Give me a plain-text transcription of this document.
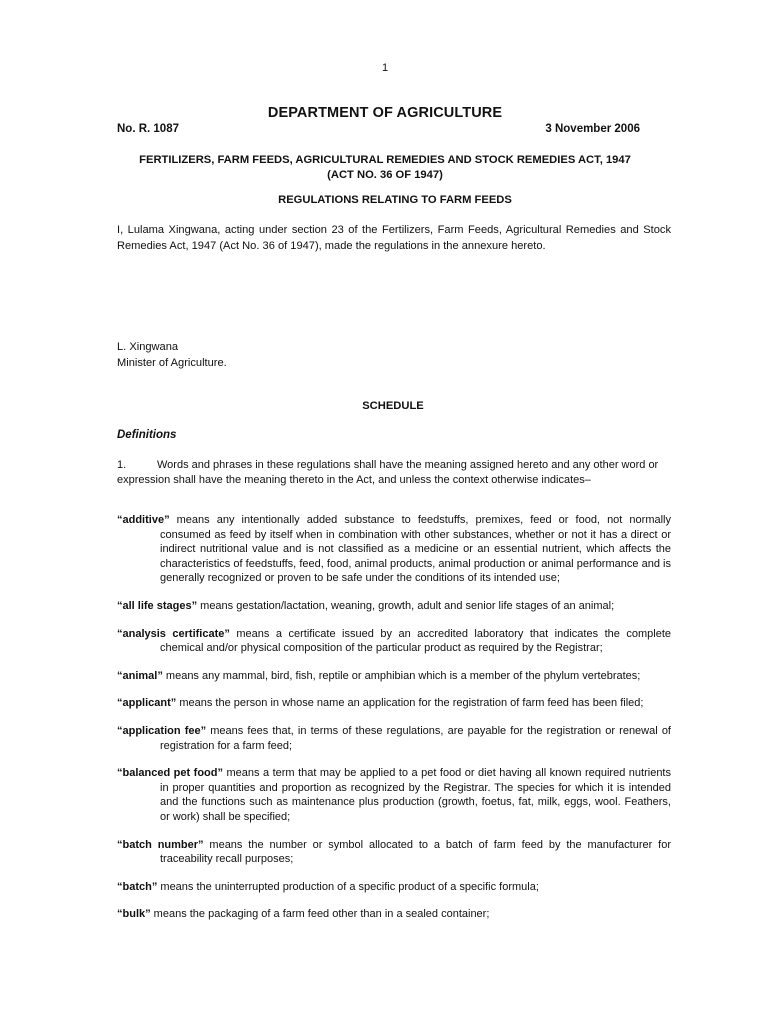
1
DEPARTMENT OF AGRICULTURE
No. R. 1087	3 November 2006
FERTILIZERS, FARM FEEDS, AGRICULTURAL REMEDIES AND STOCK REMEDIES ACT, 1947
(ACT NO. 36 OF 1947)
REGULATIONS RELATING TO FARM FEEDS
I, Lulama Xingwana, acting under section 23 of the Fertilizers, Farm Feeds, Agricultural Remedies and Stock Remedies Act, 1947 (Act No. 36 of 1947), made the regulations in the annexure hereto.
L. Xingwana
Minister of Agriculture.
SCHEDULE
Definitions
1.	Words and phrases in these regulations shall have the meaning assigned hereto and any other word or expression shall have the meaning thereto in the Act, and unless the context otherwise indicates–

“additive” means any intentionally added substance to feedstuffs, premixes, feed or food, not normally consumed as feed by itself when in combination with other substances, whether or not it has a direct or indirect nutritional value and is not classified as a medicine or an essential nutrient, which affects the characteristics of feedstuffs, feed, food, animal products, animal production or animal performance and is generally recognized or proven to be safe under the conditions of its intended use;

“all life stages” means gestation/lactation, weaning, growth, adult and senior life stages of an animal;

“analysis certificate” means a certificate issued by an accredited laboratory that indicates the complete chemical and/or physical composition of the particular product as required by the Registrar;

“animal” means any mammal, bird, fish, reptile or amphibian which is a member of the phylum vertebrates;

“applicant” means the person in whose name an application for the registration of farm feed has been filed;

“application fee” means fees that, in terms of these regulations, are payable for the registration or renewal of registration for a farm feed;

“balanced pet food” means a term that may be applied to a pet food or diet having all known required nutrients in proper quantities and proportion as recognized by the Registrar. The species for which it is intended and the functions such as maintenance plus production (growth, foetus, fat, milk, eggs, wool. Feathers, or work) shall be specified;

“batch number” means the number or symbol allocated to a batch of farm feed by the manufacturer for traceability recall purposes;

“batch” means the uninterrupted production of a specific product of a specific formula;

“bulk” means the packaging of a farm feed other than in a sealed container;
